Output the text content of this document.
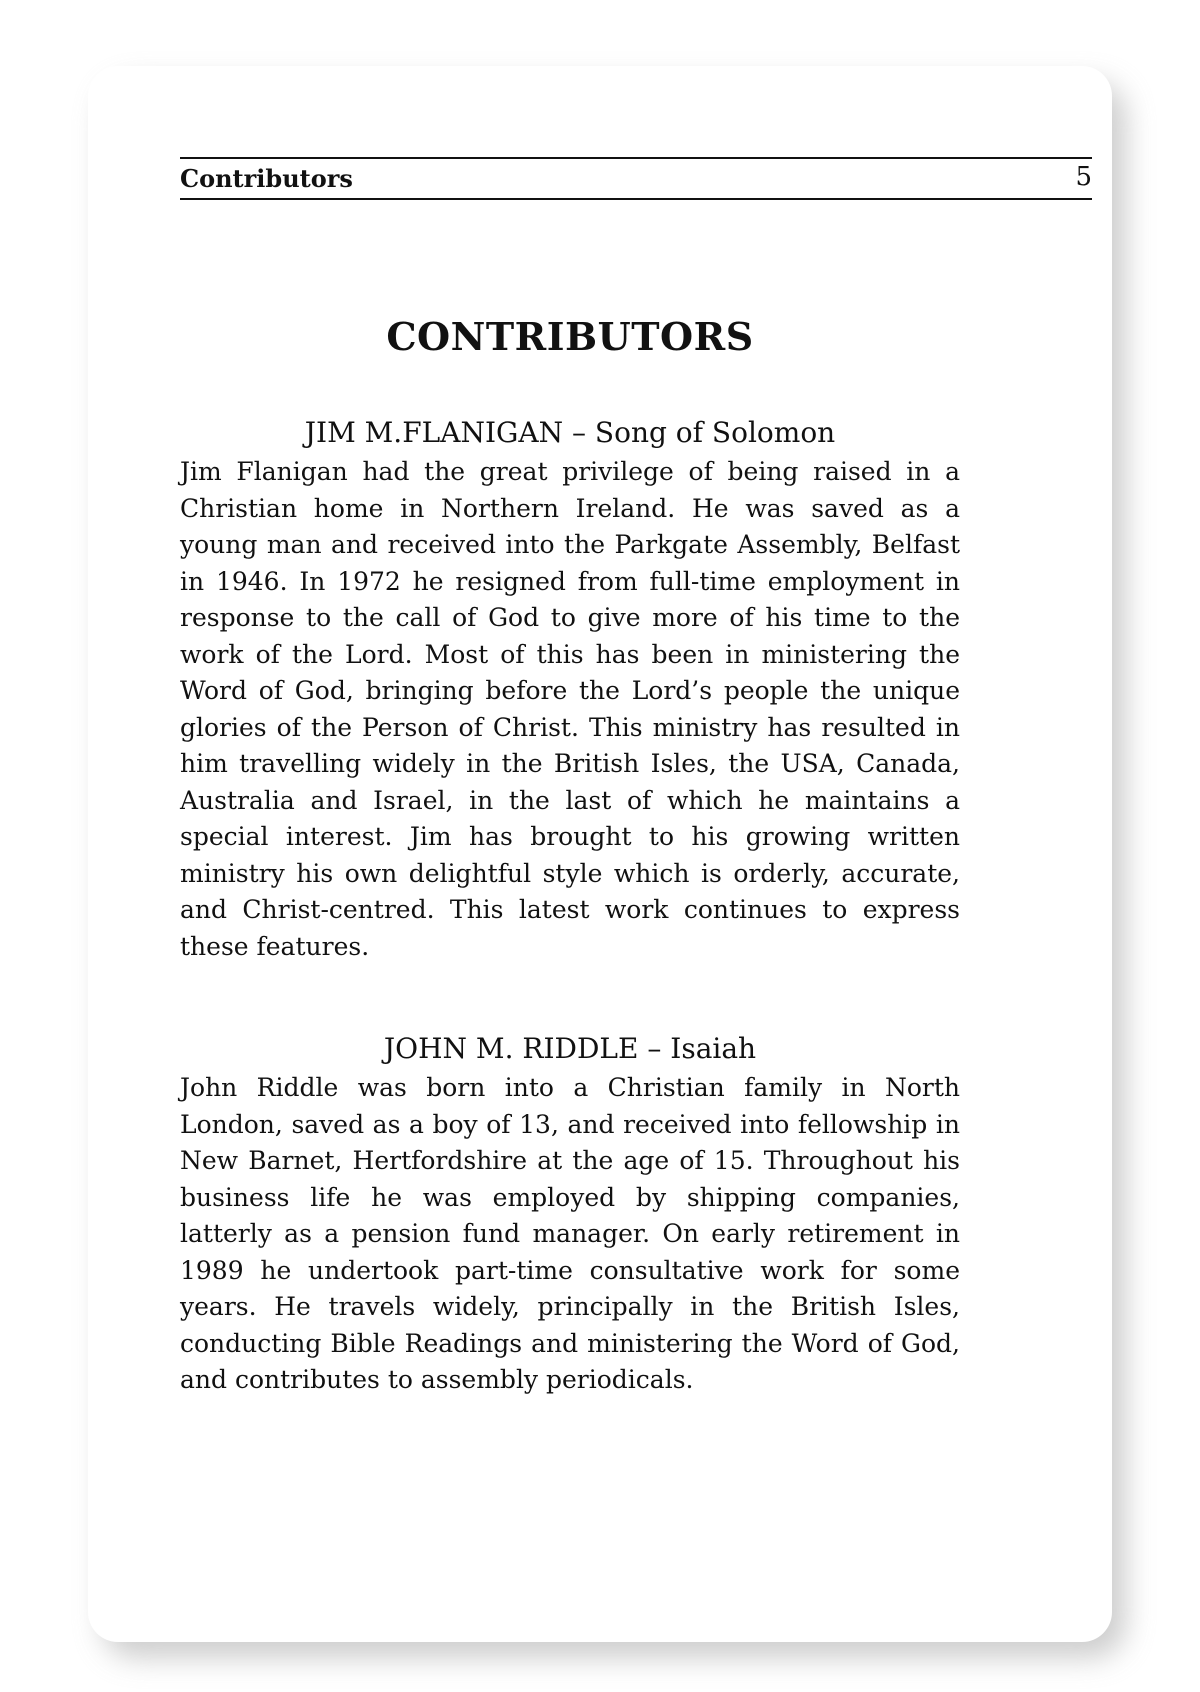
Contributors	5
CONTRIBUTORS
JIM M.FLANIGAN – Song of Solomon

Jim Flanigan had the great privilege of being raised in a Christian home in Northern Ireland. He was saved as a young man and received into the Parkgate Assembly, Belfast in 1946. In 1972 he resigned from full-time employment in response to the call of God to give more of his time to the work of the Lord. Most of this has been in ministering the Word of God, bringing before the Lord’s people the unique glories of the Person of Christ. This ministry has resulted in him travelling widely in the British Isles, the USA, Canada, Australia and Israel, in the last of which he maintains a special interest. Jim has brought to his growing written ministry his own delightful style which is orderly, accurate, and Christ-centred. This latest work continues to express these features.

JOHN M. RIDDLE – Isaiah

John Riddle was born into a Christian family in North London, saved as a boy of 13, and received into fellowship in New Barnet, Hertfordshire at the age of 15. Throughout his business life he was employed by shipping companies, latterly as a pension fund manager. On early retirement in 1989 he undertook part-time consultative work for some years. He travels widely, principally in the British Isles, conducting Bible Readings and ministering the Word of God, and contributes to assembly periodicals.
